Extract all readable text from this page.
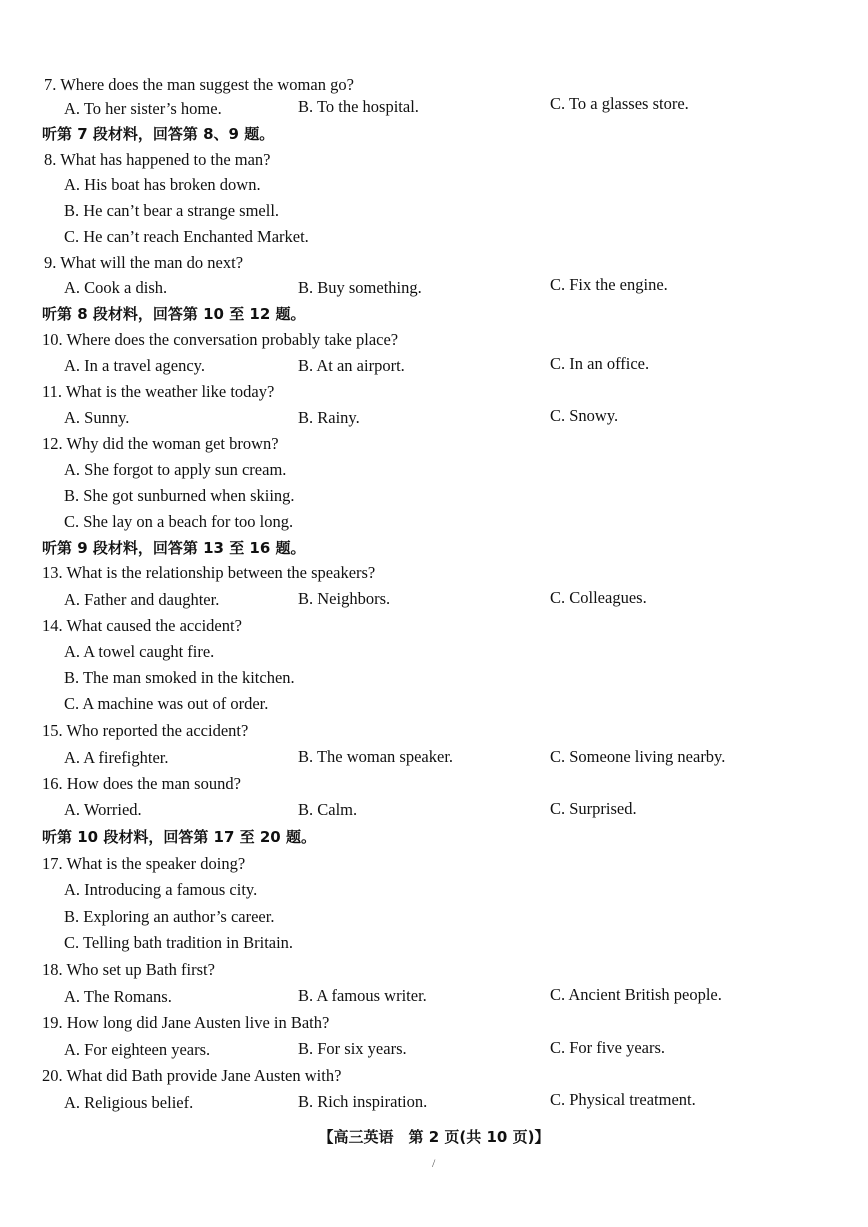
7. Where does the man suggest the woman go?
A. To her sister’s home.	B. To the hospital.	C. To a glasses store.
听第 7 段材料，回答第 8、9 题。
8. What has happened to the man?
A. His boat has broken down.
B. He can’t bear a strange smell.
C. He can’t reach Enchanted Market.
9. What will the man do next?
A. Cook a dish.	B. Buy something.	C. Fix the engine.
听第 8 段材料，回答第 10 至 12 题。
10. Where does the conversation probably take place?
A. In a travel agency.	B. At an airport.	C. In an office.
11. What is the weather like today?
A. Sunny.	B. Rainy.	C. Snowy.
12. Why did the woman get brown?
A. She forgot to apply sun cream.
B. She got sunburned when skiing.
C. She lay on a beach for too long.
听第 9 段材料，回答第 13 至 16 题。
13. What is the relationship between the speakers?
A. Father and daughter.	B. Neighbors.	C. Colleagues.
14. What caused the accident?
A. A towel caught fire.
B. The man smoked in the kitchen.
C. A machine was out of order.
15. Who reported the accident?
A. A firefighter.	B. The woman speaker.	C. Someone living nearby.
16. How does the man sound?
A. Worried.	B. Calm.	C. Surprised.
听第 10 段材料，回答第 17 至 20 题。
17. What is the speaker doing?
A. Introducing a famous city.
B. Exploring an author’s career.
C. Telling bath tradition in Britain.
18. Who set up Bath first?
A. The Romans.	B. A famous writer.	C. Ancient British people.
19. How long did Jane Austen live in Bath?
A. For eighteen years.	B. For six years.	C. For five years.
20. What did Bath provide Jane Austen with?
A. Religious belief.	B. Rich inspiration.	C. Physical treatment.
【高三英语　第 2 页(共 10 页)】
/
